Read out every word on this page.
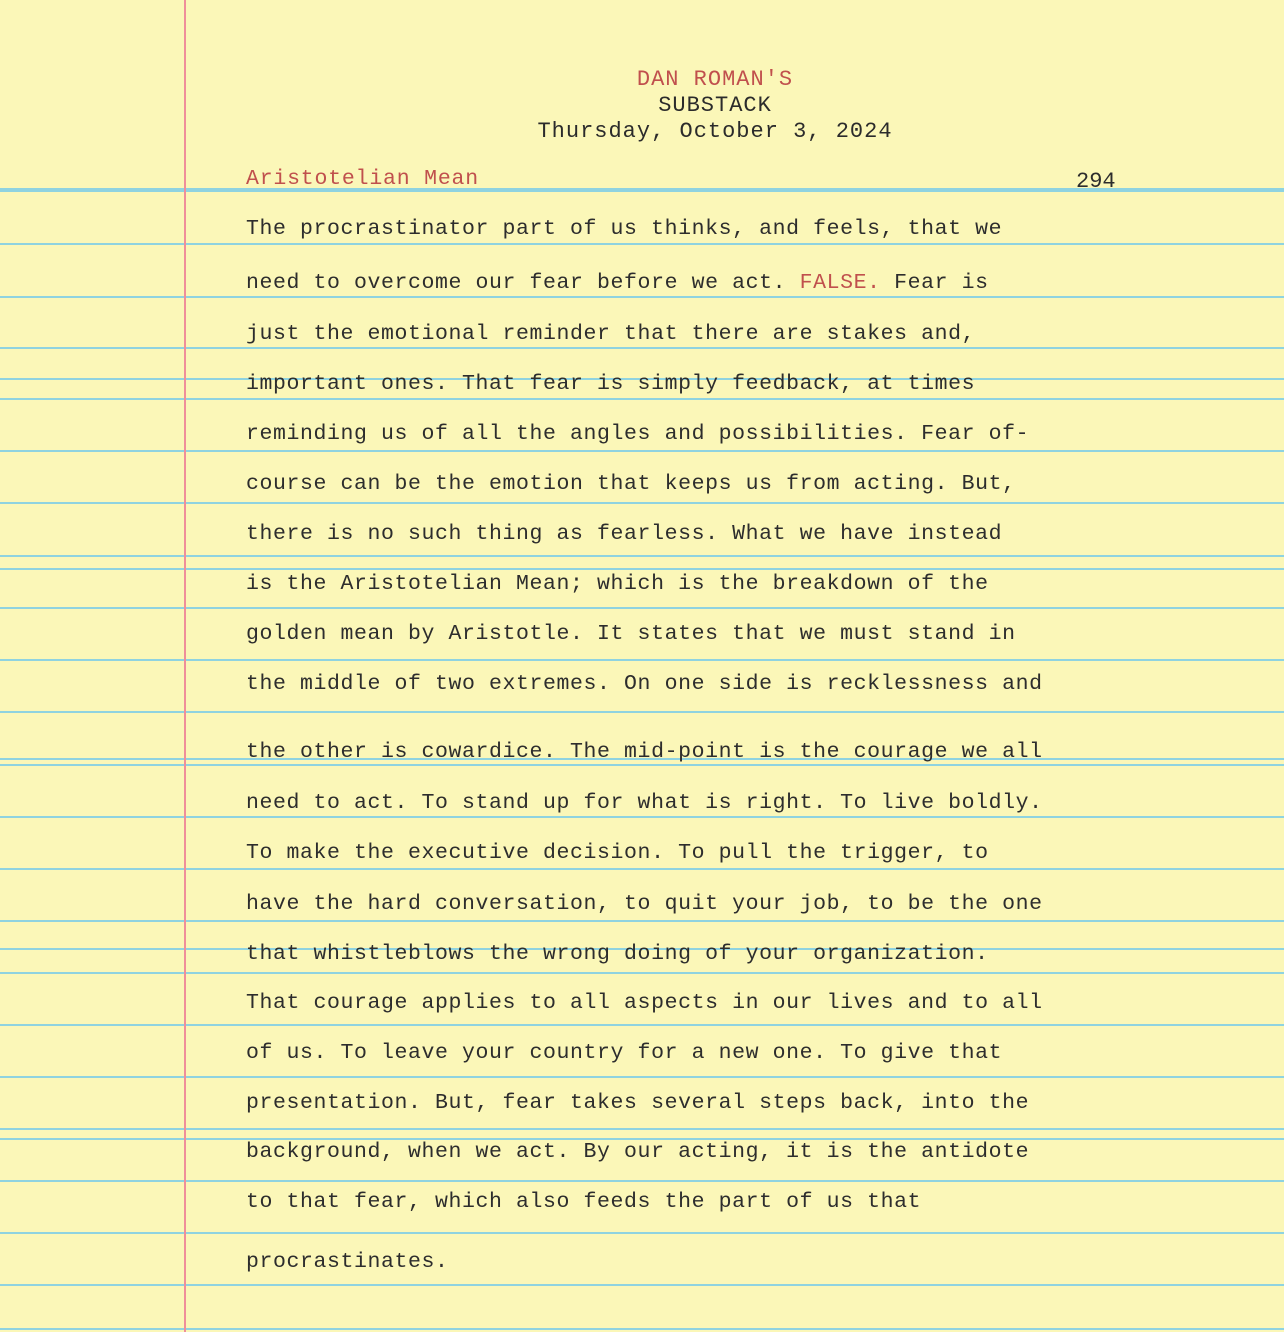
DAN ROMAN'S
SUBSTACK
Thursday, October 3, 2024
Aristotelian Mean	294
The procrastinator part of us thinks, and feels, that we
need to overcome our fear before we act. FALSE. Fear is
just the emotional reminder that there are stakes and,
important ones. That fear is simply feedback, at times
reminding us of all the angles and possibilities. Fear of-
course can be the emotion that keeps us from acting. But,
there is no such thing as fearless. What we have instead
is the Aristotelian Mean; which is the breakdown of the
golden mean by Aristotle. It states that we must stand in
the middle of two extremes. On one side is recklessness and
the other is cowardice. The mid-point is the courage we all
need to act. To stand up for what is right. To live boldly.
To make the executive decision. To pull the trigger, to
have the hard conversation, to quit your job, to be the one
that whistleblows the wrong doing of your organization.
That courage applies to all aspects in our lives and to all
of us. To leave your country for a new one. To give that
presentation. But, fear takes several steps back, into the
background, when we act. By our acting, it is the antidote
to that fear, which also feeds the part of us that
procrastinates.
